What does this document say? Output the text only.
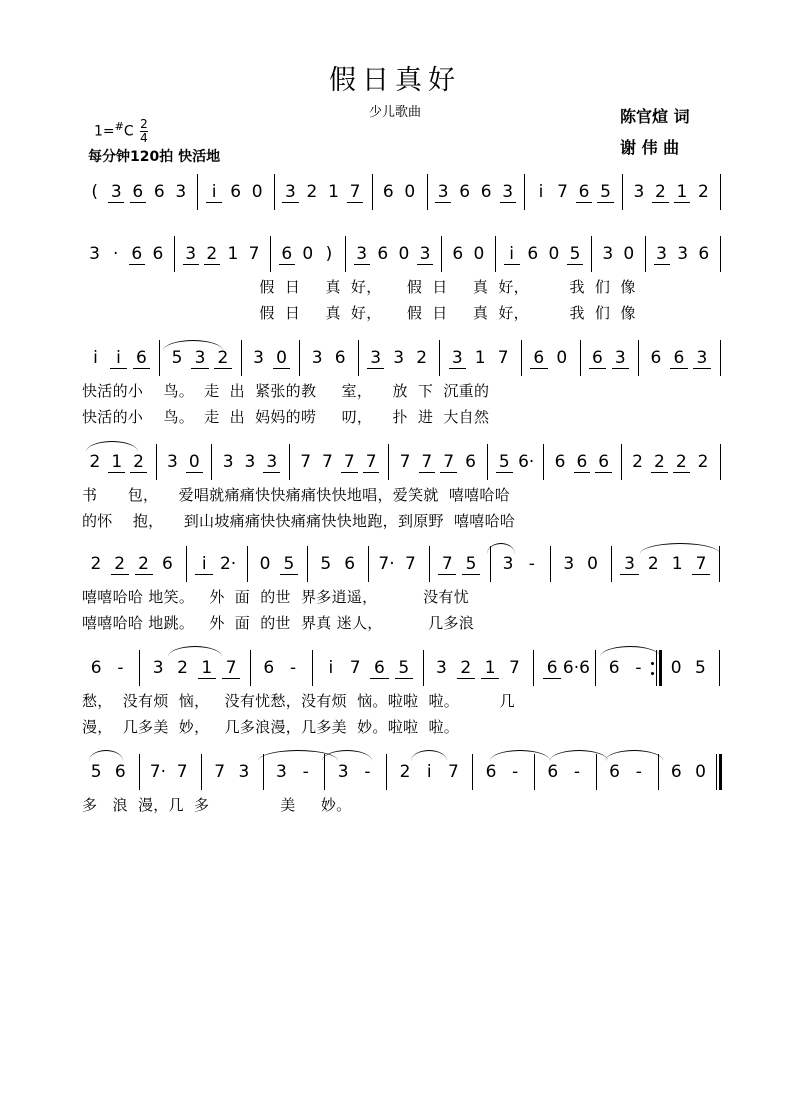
假日真好
少儿歌曲
$1=^{\#}C \frac{2}{4}$
每分钟120拍 快活地
陈官煊 词
谢 伟 曲
( 3 6 6 3 i 6 0 3 2 1 7 6 0 3 6 6 3 i 7 6 5 3 2 1 2
3 · 6 6 3 2 1 7 6 0 ) 3 6 0 3 6 0 i 6 0 5 3 0 3 3 6
假  日     真  好，     假  日     真  好，        我  们  像
假  日     真  好，     假  日     真  好，        我  们  像
i i 6 5 3 2 3 0 3 6 3 3 2 3 1 7 6 0 6 3 6 6 3
快活的小    鸟。  走  出  紧张的教     室，    放  下  沉重的
快活的小    鸟。  走  出  妈妈的唠     叨，    扑  进  大自然
2 1 2 3 0 3 3 3 7 7 7 7 7 7 7 6 5 6· 6 6 6 2 2 2 2
书      包，    爱唱就痛痛快快痛痛快快地唱，爱笑就  嘻嘻哈哈
的怀    抱，    到山坡痛痛快快痛痛快快地跑，到原野  嘻嘻哈哈
2 2 2 6 i 2· 0 5 5 6 7· 7 7 5 3 - 3 0 3 2 1 7
嘻嘻哈哈 地笑。   外  面  的世  界多逍遥，         没有忧
嘻嘻哈哈 地跳。   外  面  的世  界真 迷人，         几多浪
6 - 3 2 1 7 6 - i 7 6 5 3 2 1 7 6 6·6 6 - 0 5
愁，  没有烦  恼，   没有忧愁，没有烦  恼。啦啦  啦。        几
漫，  几多美  妙，   几多浪漫，几多美  妙。啦啦  啦。
5 6 7· 7 7 3 3 - 3 - 2 i 7 6 - 6 - 6 - 6 0
多   浪  漫，几  多              美     妙。
